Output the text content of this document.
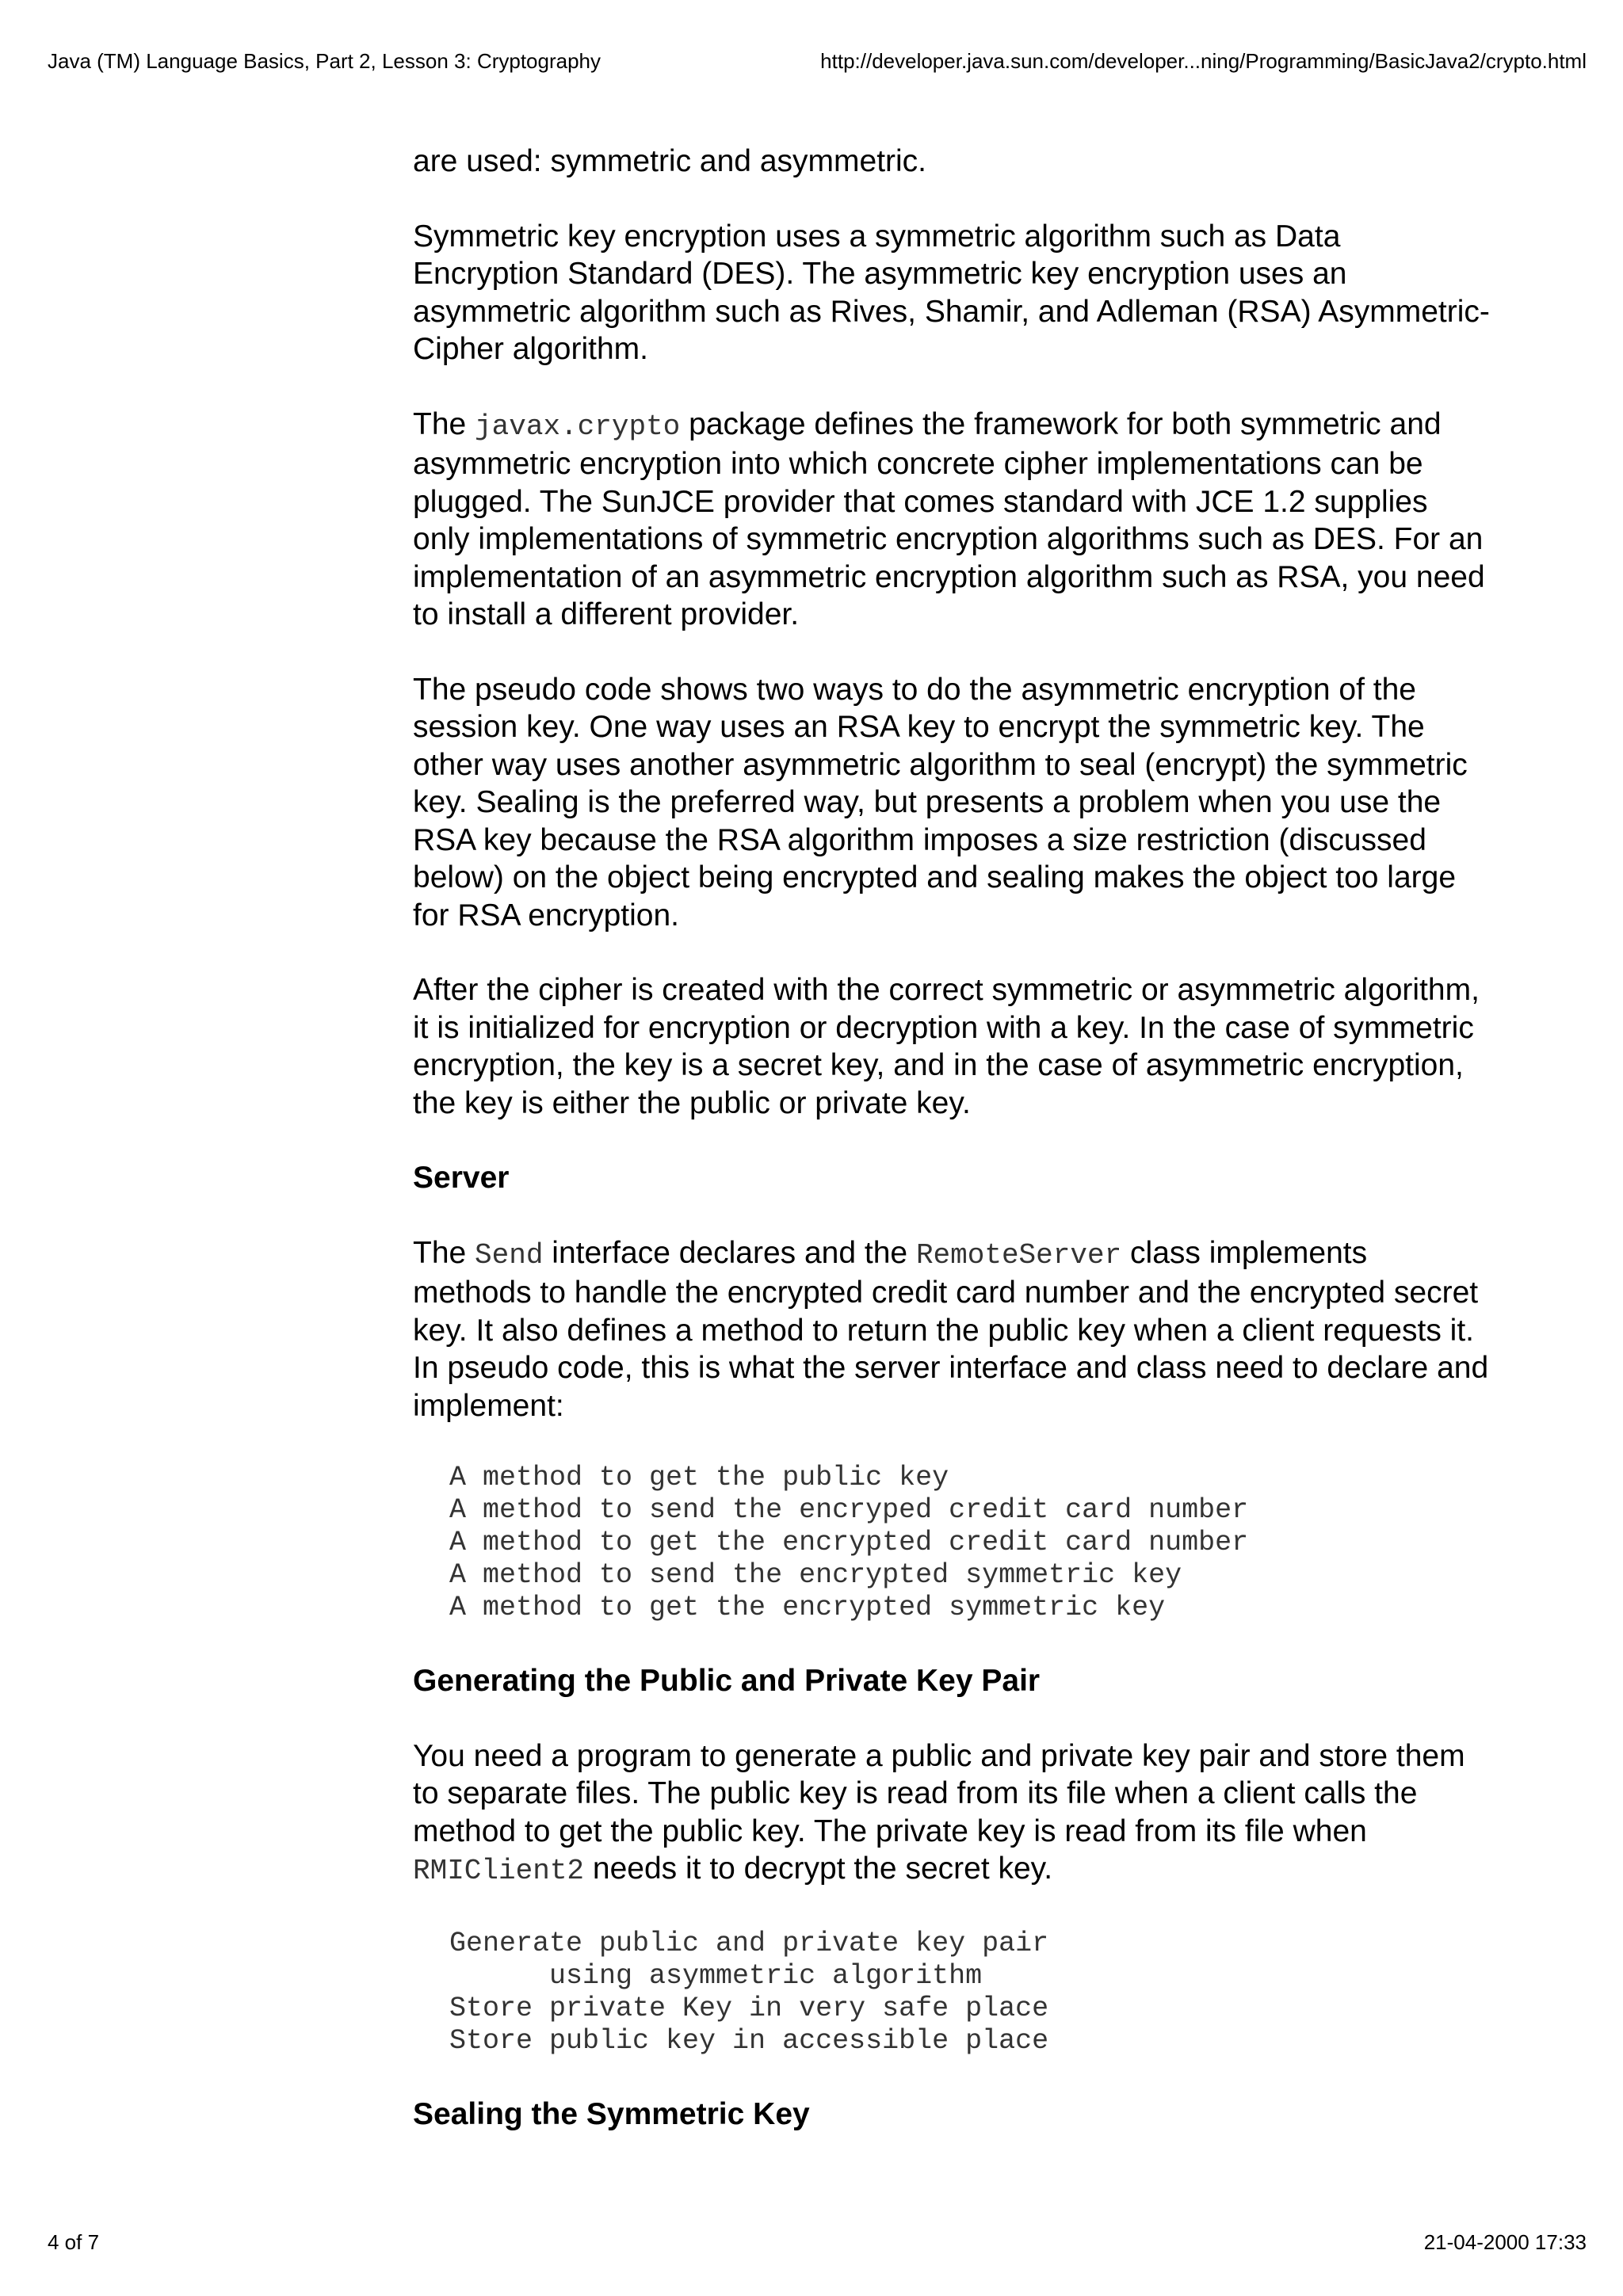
Java (TM) Language Basics, Part 2, Lesson 3: Cryptography	http://developer.java.sun.com/developer...ning/Programming/BasicJava2/crypto.html

are used: symmetric and asymmetric.

Symmetric key encryption uses a symmetric algorithm such as Data Encryption Standard (DES). The asymmetric key encryption uses an asymmetric algorithm such as Rives, Shamir, and Adleman (RSA) Asymmetric-Cipher algorithm.

The javax.crypto package defines the framework for both symmetric and asymmetric encryption into which concrete cipher implementations can be plugged. The SunJCE provider that comes standard with JCE 1.2 supplies only implementations of symmetric encryption algorithms such as DES. For an implementation of an asymmetric encryption algorithm such as RSA, you need to install a different provider.

The pseudo code shows two ways to do the asymmetric encryption of the session key. One way uses an RSA key to encrypt the symmetric key. The other way uses another asymmetric algorithm to seal (encrypt) the symmetric key. Sealing is the preferred way, but presents a problem when you use the RSA key because the RSA algorithm imposes a size restriction (discussed below) on the object being encrypted and sealing makes the object too large for RSA encryption.

After the cipher is created with the correct symmetric or asymmetric algorithm, it is initialized for encryption or decryption with a key. In the case of symmetric encryption, the key is a secret key, and in the case of asymmetric encryption, the key is either the public or private key.

Server

The Send interface declares and the RemoteServer class implements methods to handle the encrypted credit card number and the encrypted secret key. It also defines a method to return the public key when a client requests it. In pseudo code, this is what the server interface and class need to declare and implement:

A method to get the public key
A method to send the encryped credit card number
A method to get the encrypted credit card number
A method to send the encrypted symmetric key
A method to get the encrypted symmetric key
Generating the Public and Private Key Pair

You need a program to generate a public and private key pair and store them to separate files. The public key is read from its file when a client calls the method to get the public key. The private key is read from its file when RMIClient2 needs it to decrypt the secret key.

Generate public and private key pair
using asymmetric algorithm
Store private Key in very safe place
Store public key in accessible place
Sealing the Symmetric Key
4 of 7	21-04-2000 17:33
